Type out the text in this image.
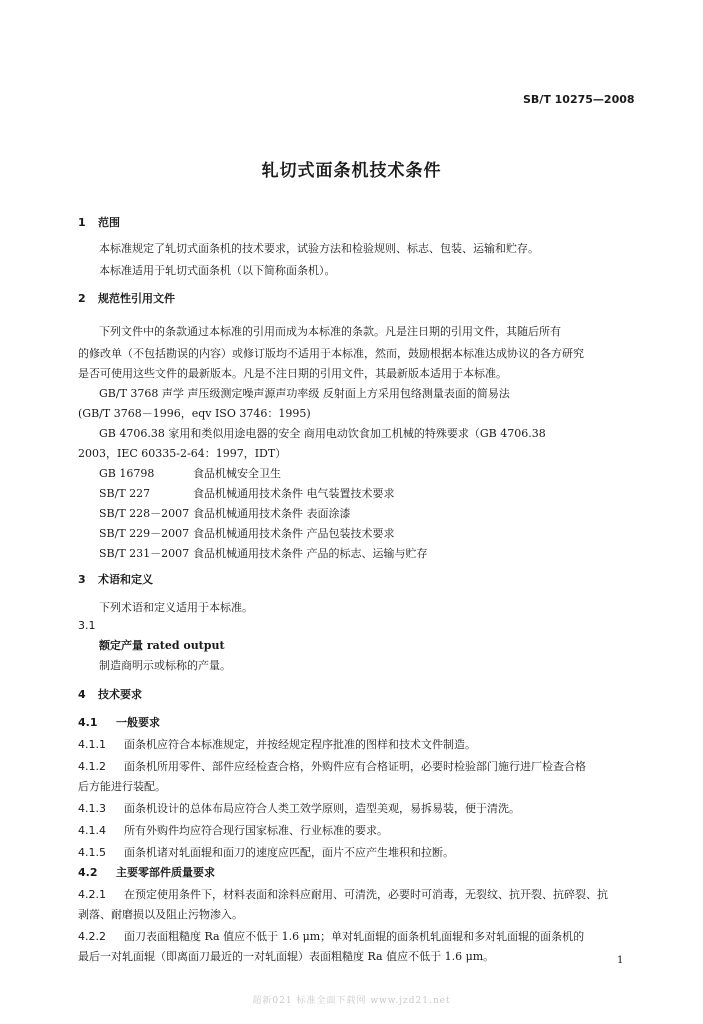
SB/T 10275—2008
轧切式面条机技术条件
1 范围
本标准规定了轧切式面条机的技术要求，试验方法和检验规则、标志、包装、运输和贮存。
本标准适用于轧切式面条机（以下简称面条机）。
2 规范性引用文件
下列文件中的条款通过本标准的引用而成为本标准的条款。凡是注日期的引用文件，其随后所有
的修改单（不包括勘误的内容）或修订版均不适用于本标准，然而，鼓励根据本标准达成协议的各方研究
是否可使用这些文件的最新版本。凡是不注日期的引用文件，其最新版本适用于本标准。
GB/T 3768 声学 声压级测定噪声源声功率级 反射面上方采用包络测量表面的简易法
(GB/T 3768－1996，eqv ISO 3746：1995)
GB 4706.38 家用和类似用途电器的安全 商用电动饮食加工机械的特殊要求（GB 4706.38
2003，IEC 60335-2-64：1997，IDT）
GB 16798	食品机械安全卫生
SB/T 227	食品机械通用技术条件 电气装置技术要求
SB/T 228－2007 食品机械通用技术条件 表面涂漆
SB/T 229－2007 食品机械通用技术条件 产品包装技术要求
SB/T 231－2007 食品机械通用技术条件 产品的标志、运输与贮存
3 术语和定义
下列术语和定义适用于本标准。
3.1
额定产量 rated output
制造商明示或标称的产量。
4 技术要求
4.1 一般要求
4.1.1 面条机应符合本标准规定，并按经规定程序批准的图样和技术文件制造。
4.1.2 面条机所用零件、部件应经检查合格，外购件应有合格证明，必要时检验部门施行进厂检查合格
后方能进行装配。
4.1.3 面条机设计的总体布局应符合人类工效学原则，造型美观，易拆易装，便于清洗。
4.1.4 所有外购件均应符合现行国家标准、行业标准的要求。
4.1.5 面条机诸对轧面辊和面刀的速度应匹配，面片不应产生堆积和拉断。
4.2 主要零部件质量要求
4.2.1 在预定使用条件下，材料表面和涂料应耐用、可清洗，必要时可消毒，无裂纹、抗开裂、抗碎裂、抗
剥落、耐磨损以及阻止污物渗入。
4.2.2 面刀表面粗糙度 Ra 值应不低于 1.6 μm；单对轧面辊的面条机轧面辊和多对轧面辊的面条机的
最后一对轧面辊（即离面刀最近的一对轧面辊）表面粗糙度 Ra 值应不低于 1.6 μm。	1
超新021 标准全面下载网 www.jzd21.net
